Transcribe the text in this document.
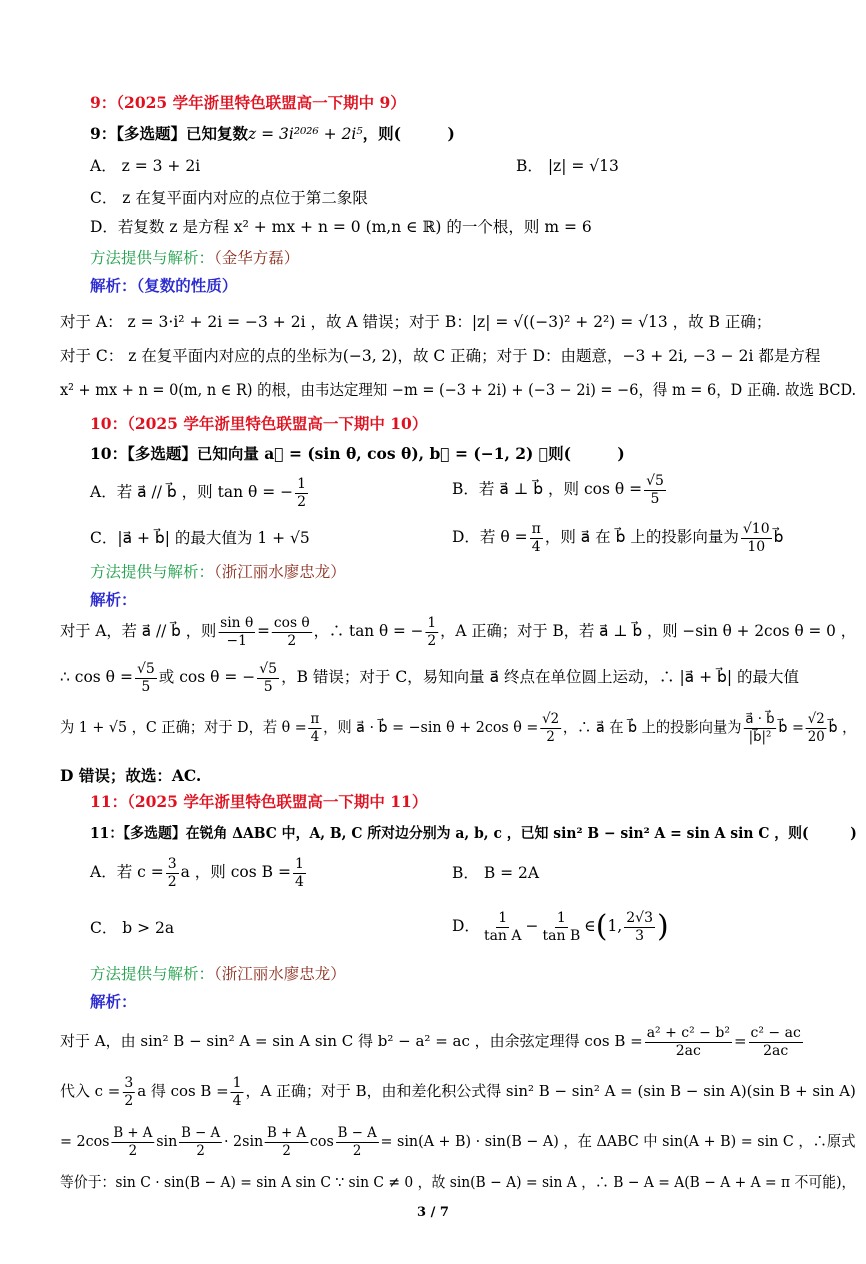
9：（2025 学年浙里特色联盟高一下期中 9）
9：【多选题】已知复数z = 3i²⁰²⁶ + 2i⁵，则(　　　)
A． z = 3 + 2i	B． |z| = √13
C． z 在复平面内对应的点位于第二象限
D．若复数 z 是方程 x² + mx + n = 0 (m,n ∈ ℝ) 的一个根，则 m = 6
方法提供与解析：（金华方磊）
解析：（复数的性质）
对于 A： z = 3·i² + 2i = −3 + 2i ，故 A 错误；对于 B：|z| = √((−3)² + 2²) = √13 ，故 B 正确；
对于 C： z 在复平面内对应的点的坐标为(−3, 2)，故 C 正确；对于 D：由题意，−3 + 2i, −3 − 2i 都是方程
x² + mx + n = 0(m, n ∈ R) 的根，由韦达定理知 −m = (−3 + 2i) + (−3 − 2i) = −6，得 m = 6，D 正确. 故选 BCD.
10：（2025 学年浙里特色联盟高一下期中 10）
10：【多选题】已知向量 a⃗ = (sin θ, cos θ), b⃗ = (−1, 2) ，则(　　　)
A．若 a⃗ // b⃗ ，则 tan θ = − $\frac{1}{2}$	B．若 a⃗ ⊥ b⃗ ，则 $\cos \theta = \frac{√5}{5}$
C．|a⃗ + b⃗| 的最大值为 1 + √5	D．若 $\theta = \frac{\pi}{4}$ ，则 a⃗ 在 b⃗ 上的投影向量为 $\frac{√10}{10}$ b⃗
方法提供与解析：（浙江丽水廖忠龙）
解析：
对于 A，若 a⃗ // b⃗ ，则 $\frac{\text{sin θ}}{-1} = \frac{\text{cos θ}}{2}$ ，∴ tan θ = − $\frac{1}{2}$ ，A 正确；对于 B，若 a⃗ ⊥ b⃗ ，则 −sin θ + 2cos θ = 0 ，
∴ $\cos \theta = \frac{√5}{5}$ 或 cos θ = − $\frac{√5}{5}$ ，B 错误；对于 C，易知向量 a⃗ 终点在单位圆上运动，∴ |a⃗ + b⃗| 的最大值
为 1 + √5 ，C 正确；对于 D，若 $\theta = \frac{\pi}{4}$ ，则 a⃗ · b⃗ = −sin θ + 2cos $\theta = \frac{√2}{2}$ ，∴ a⃗ 在 b⃗ 上的投影向量为 $\frac{a⃗ \cdot b⃗}{\text{|b⃗|²}}$ b⃗ = $\frac{√2}{20}$ b⃗ ，
D 错误；故选：AC.
11：（2025 学年浙里特色联盟高一下期中 11）
11：【多选题】在锐角 ΔABC 中，A, B, C 所对边分别为 a, b, c ，已知 sin² B − sin² A = sin A sin C ，则(　　　)
A．若 $c = \frac{3}{2}$ a ，则 $\cos B = \frac{1}{4}$	B． B = 2A
C． b > 2a	D． $\frac{1}{\text{tan A}} - \frac{1}{\text{tan B}}$ ∈(1, $\frac{2√3}{3}$ )
方法提供与解析：（浙江丽水廖忠龙）
解析：
对于 A，由 sin² B − sin² A = sin A sin C 得 b² − a² = ac ，由余弦定理得 $\cos B = \frac{\text{a² + c² − b²}}{2ac} = \frac{\text{c² − ac}}{2ac}$
代入 $c = \frac{3}{2}$ a 得 $\cos B = \frac{1}{4}$ ，A 正确；对于 B，由和差化积公式得 sin² B − sin² A = (sin B − sin A)(sin B + sin A)
= $2\cos \frac{B + A}{2}$ $\sin \frac{B - A}{2} \cdot 2\sin \frac{B + A}{2}$ $\cos \frac{B - A}{2} = \sin(A + B) \cdot \sin(B - A)$ ，在 ΔABC 中 sin(A + B) = sin C ，∴原式
等价于：sin C · sin(B − A) = sin A sin C ∵ sin C ≠ 0 ，故 sin(B − A) = sin A ，∴ B − A = A(B − A + A = π 不可能)，
3 / 7
